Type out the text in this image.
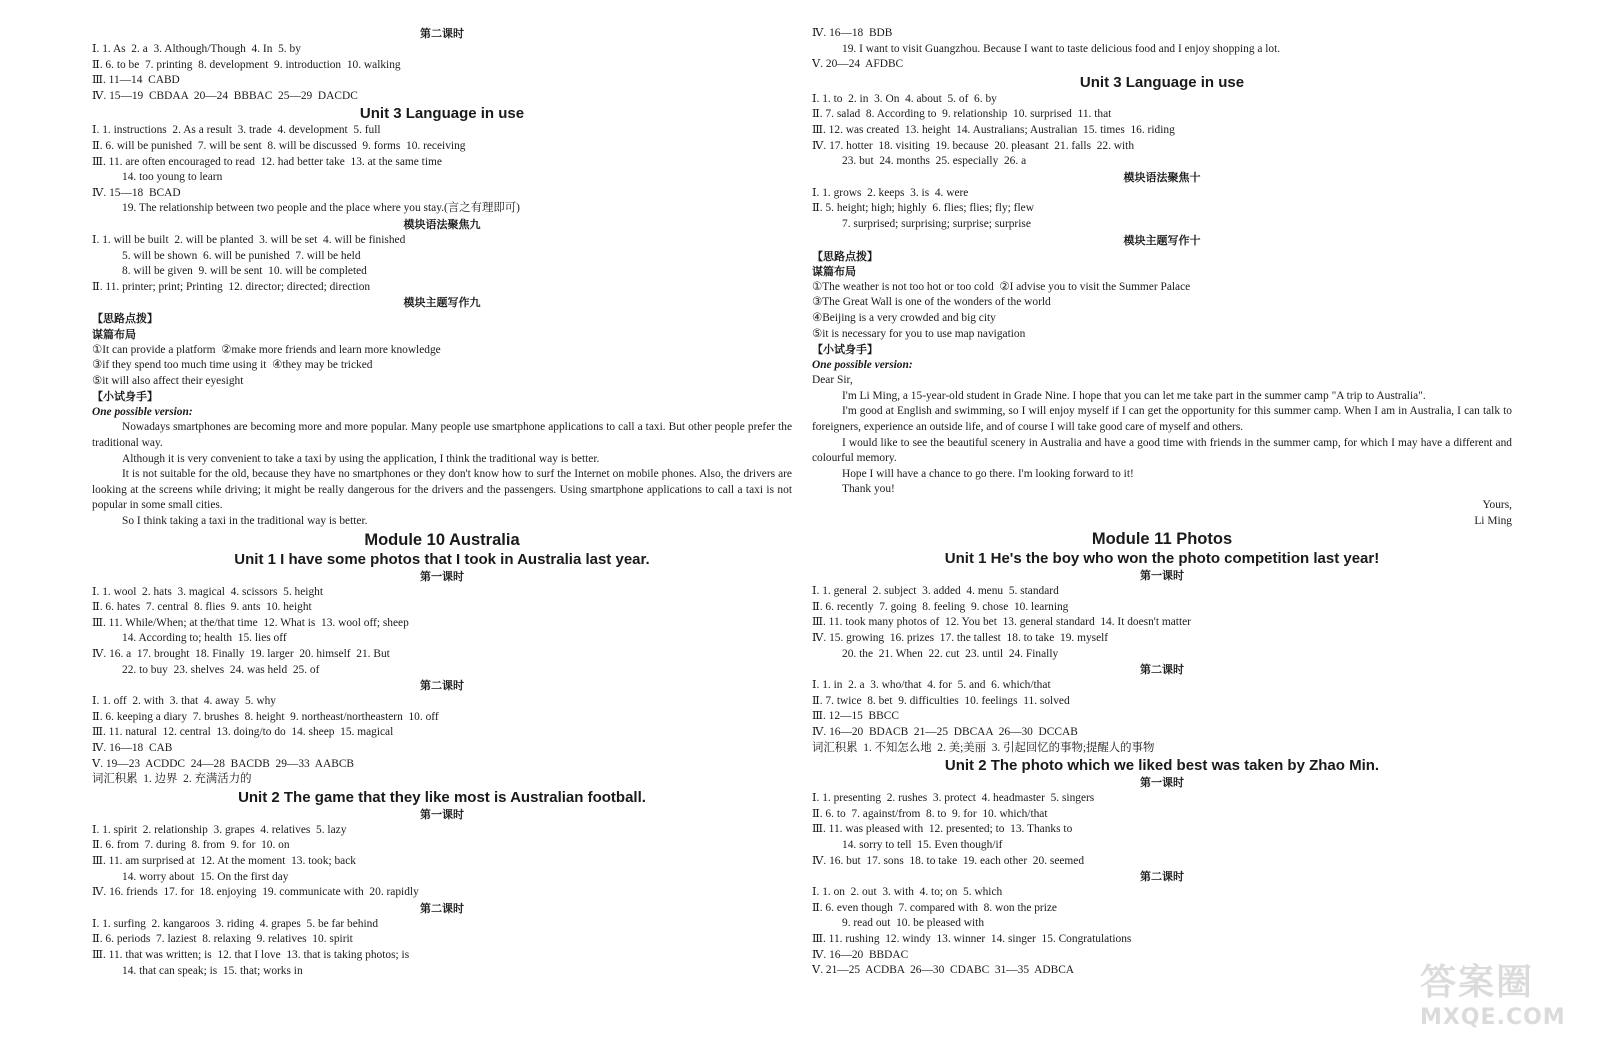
第二课时
Ⅰ. 1. As  2. a  3. Although/Though  4. In  5. by
Ⅱ. 6. to be  7. printing  8. development  9. introduction  10. walking
Ⅲ. 11—14  CABD
Ⅳ. 15—19  CBDAA  20—24  BBBAC  25—29  DACDC
Unit 3 Language in use
Ⅰ. 1. instructions  2. As a result  3. trade  4. development  5. full
Ⅱ. 6. will be punished  7. will be sent  8. will be discussed  9. forms  10. receiving
Ⅲ. 11. are often encouraged to read  12. had better take  13. at the same time
14. too young to learn
Ⅳ. 15—18  BCAD
19. The relationship between two people and the place where you stay.(言之有理即可)
模块语法聚焦九
Ⅰ. 1. will be built  2. will be planted  3. will be set  4. will be finished
5. will be shown  6. will be punished  7. will be held
8. will be given  9. will be sent  10. will be completed
Ⅱ. 11. printer; print; Printing  12. director; directed; direction
模块主题写作九
【思路点拨】
谋篇布局
①It can provide a platform  ②make more friends and learn more knowledge
③if they spend too much time using it  ④they may be tricked
⑤it will also affect their eyesight
【小试身手】
One possible version:
Nowadays smartphones are becoming more and more popular. Many people use smartphone applications to call a taxi. But other people prefer the traditional way.
Although it is very convenient to take a taxi by using the application, I think the traditional way is better.
It is not suitable for the old, because they have no smartphones or they don't know how to surf the Internet on mobile phones. Also, the drivers are looking at the screens while driving; it might be really dangerous for the drivers and the passengers. Using smartphone applications to call a taxi is not popular in some small cities.
So I think taking a taxi in the traditional way is better.
Module 10 Australia
Unit 1 I have some photos that I took in Australia last year.
第一课时
Ⅰ. 1. wool  2. hats  3. magical  4. scissors  5. height
Ⅱ. 6. hates  7. central  8. flies  9. ants  10. height
Ⅲ. 11. While/When; at the/that time  12. What is  13. wool off; sheep
14. According to; health  15. lies off
Ⅳ. 16. a  17. brought  18. Finally  19. larger  20. himself  21. But
22. to buy  23. shelves  24. was held  25. of
第二课时
Ⅰ. 1. off  2. with  3. that  4. away  5. why
Ⅱ. 6. keeping a diary  7. brushes  8. height  9. northeast/northeastern  10. off
Ⅲ. 11. natural  12. central  13. doing/to do  14. sheep  15. magical
Ⅳ. 16—18  CAB
Ⅴ. 19—23  ACDDC  24—28  BACDB  29—33  AABCB
词汇积累  1. 边界  2. 充满活力的
Unit 2 The game that they like most is Australian football.
第一课时
Ⅰ. 1. spirit  2. relationship  3. grapes  4. relatives  5. lazy
Ⅱ. 6. from  7. during  8. from  9. for  10. on
Ⅲ. 11. am surprised at  12. At the moment  13. took; back
14. worry about  15. On the first day
Ⅳ. 16. friends  17. for  18. enjoying  19. communicate with  20. rapidly
第二课时
Ⅰ. 1. surfing  2. kangaroos  3. riding  4. grapes  5. be far behind
Ⅱ. 6. periods  7. laziest  8. relaxing  9. relatives  10. spirit
Ⅲ. 11. that was written; is  12. that I love  13. that is taking photos; is
14. that can speak; is  15. that; works in
Ⅳ. 16—18  BDB
19. I want to visit Guangzhou. Because I want to taste delicious food and I enjoy shopping a lot.
Ⅴ. 20—24  AFDBC
Unit 3 Language in use
Ⅰ. 1. to  2. in  3. On  4. about  5. of  6. by
Ⅱ. 7. salad  8. According to  9. relationship  10. surprised  11. that
Ⅲ. 12. was created  13. height  14. Australians; Australian  15. times  16. riding
Ⅳ. 17. hotter  18. visiting  19. because  20. pleasant  21. falls  22. with
23. but  24. months  25. especially  26. a
模块语法聚焦十
Ⅰ. 1. grows  2. keeps  3. is  4. were
Ⅱ. 5. height; high; highly  6. flies; flies; fly; flew
7. surprised; surprising; surprise; surprise
模块主题写作十
【思路点拨】
谋篇布局
①The weather is not too hot or too cold  ②I advise you to visit the Summer Palace
③The Great Wall is one of the wonders of the world
④Beijing is a very crowded and big city
⑤it is necessary for you to use map navigation
【小试身手】
One possible version:
Dear Sir,
I'm Li Ming, a 15-year-old student in Grade Nine. I hope that you can let me take part in the summer camp "A trip to Australia".
I'm good at English and swimming, so I will enjoy myself if I can get the opportunity for this summer camp. When I am in Australia, I can talk to foreigners, experience an outside life, and of course I will take good care of myself and others.
I would like to see the beautiful scenery in Australia and have a good time with friends in the summer camp, for which I may have a different and colourful memory.
Hope I will have a chance to go there. I'm looking forward to it!
Thank you!
Yours,
Li Ming
Module 11 Photos
Unit 1 He's the boy who won the photo competition last year!
第一课时
Ⅰ. 1. general  2. subject  3. added  4. menu  5. standard
Ⅱ. 6. recently  7. going  8. feeling  9. chose  10. learning
Ⅲ. 11. took many photos of  12. You bet  13. general standard  14. It doesn't matter
Ⅳ. 15. growing  16. prizes  17. the tallest  18. to take  19. myself
20. the  21. When  22. cut  23. until  24. Finally
第二课时
Ⅰ. 1. in  2. a  3. who/that  4. for  5. and  6. which/that
Ⅱ. 7. twice  8. bet  9. difficulties  10. feelings  11. solved
Ⅲ. 12—15  BBCC
Ⅳ. 16—20  BDACB  21—25  DBCAA  26—30  DCCAB
词汇积累  1. 不知怎么地  2. 美;美丽  3. 引起回忆的事物;提醒人的事物
Unit 2 The photo which we liked best was taken by Zhao Min.
第一课时
Ⅰ. 1. presenting  2. rushes  3. protect  4. headmaster  5. singers
Ⅱ. 6. to  7. against/from  8. to  9. for  10. which/that
Ⅲ. 11. was pleased with  12. presented; to  13. Thanks to
14. sorry to tell  15. Even though/if
Ⅳ. 16. but  17. sons  18. to take  19. each other  20. seemed
第二课时
Ⅰ. 1. on  2. out  3. with  4. to; on  5. which
Ⅱ. 6. even though  7. compared with  8. won the prize
9. read out  10. be pleased with
Ⅲ. 11. rushing  12. windy  13. winner  14. singer  15. Congratulations
Ⅳ. 16—20  BBDAC
Ⅴ. 21—25  ACDBA  26—30  CDABC  31—35  ADBCA	答案圈
MXQE.COM
